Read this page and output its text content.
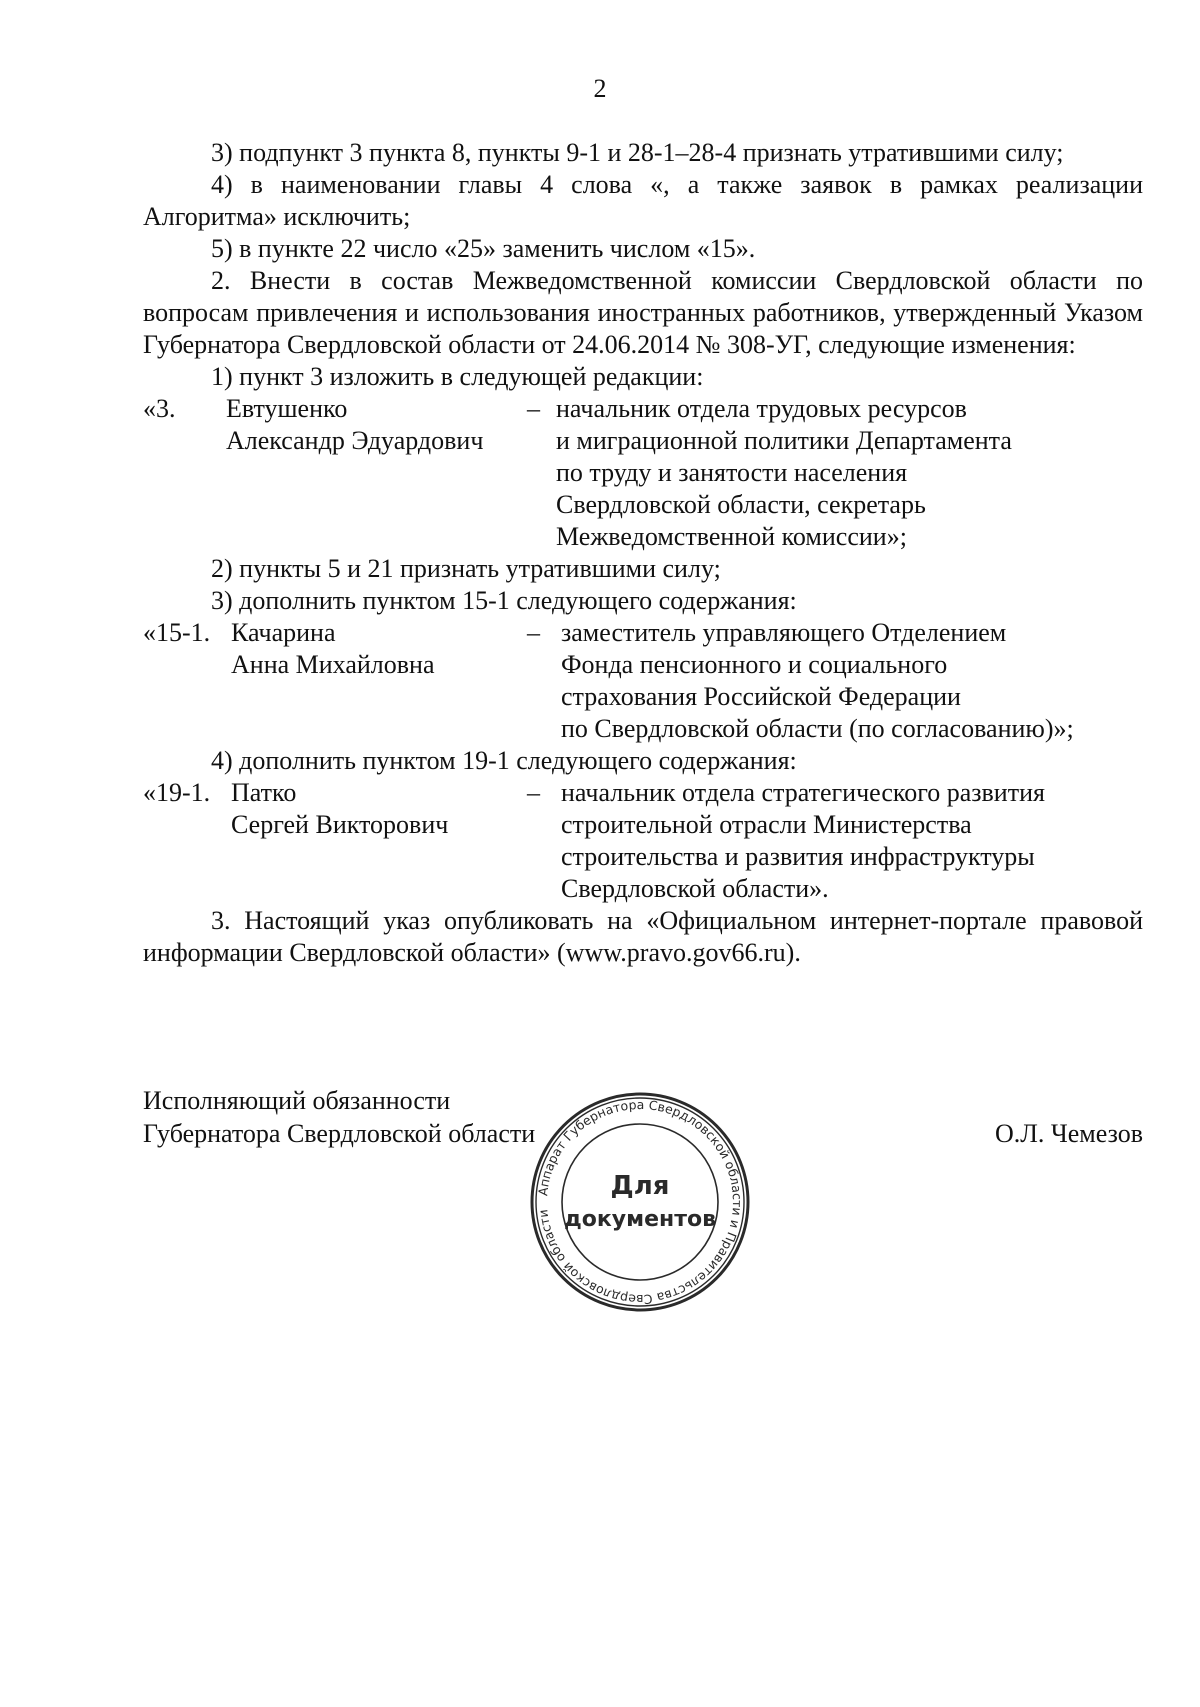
2

3) подпункт 3 пункта 8, пункты 9-1 и 28-1–28-4 признать утратившими силу;

4) в наименовании главы 4 слова «, а также заявок в рамках реализации Алгоритма» исключить;

5) в пункте 22 число «25» заменить числом «15».

2. Внести в состав Межведомственной комиссии Свердловской области по вопросам привлечения и использования иностранных работников, утвержденный Указом Губернатора Свердловской области от 24.06.2014 № 308-УГ, следующие изменения:

1) пункт 3 изложить в следующей редакции:

«3. Евтушенко	– начальник отдела трудовых ресурсов
Александр Эдуардович	и миграционной политики Департамента
по труду и занятости населения
Свердловской области, секретарь
Межведомственной комиссии»;

2) пункты 5 и 21 признать утратившими силу;

3) дополнить пунктом 15-1 следующего содержания:

«15-1. Качарина	– заместитель управляющего Отделением
Анна Михайловна	Фонда пенсионного и социального
страхования Российской Федерации
по Свердловской области (по согласованию)»;

4) дополнить пунктом 19-1 следующего содержания:

«19-1. Патко	– начальник отдела стратегического развития
Сергей Викторович	строительной отрасли Министерства
строительства и развития инфраструктуры
Свердловской области».

3. Настоящий указ опубликовать на «Официальном интернет-портале правовой информации Свердловской области» (www.pravo.gov66.ru).

Исполняющий обязанности
Губернатора Свердловской области	О.Л. Чемезов
Аппарат Губернатора Свердловской области и Правительства Свердловской области
Для
документов
